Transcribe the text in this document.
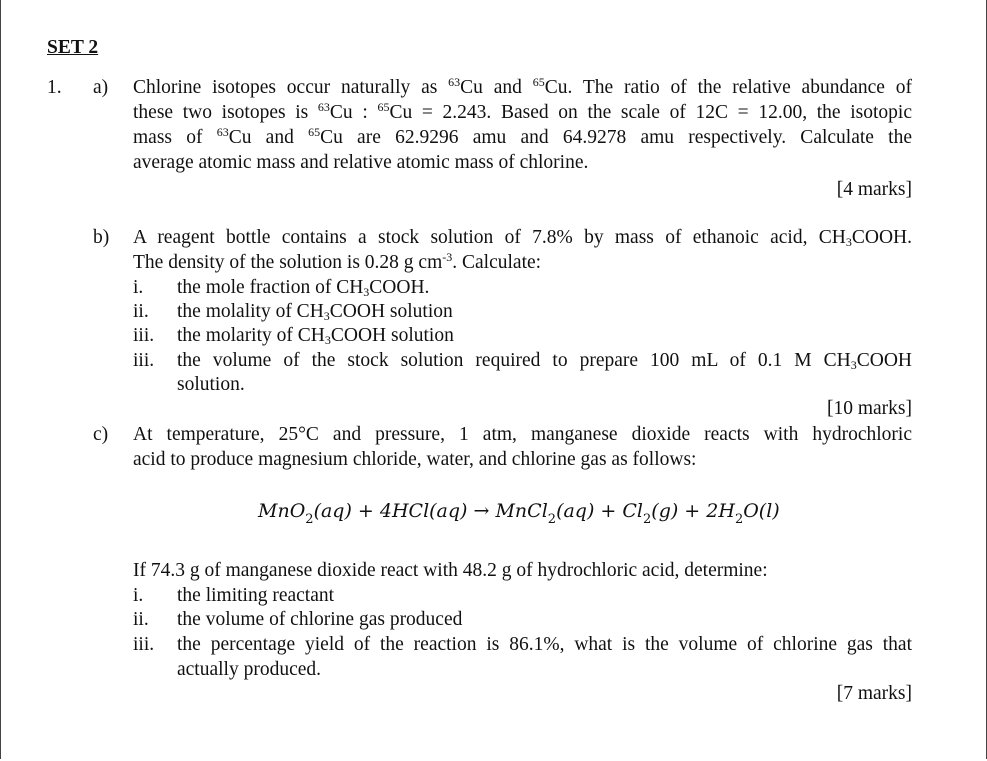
SET 2
1. a) Chlorine isotopes occur naturally as $^{63}$Cu and $^{65}$Cu. The ratio of the relative abundance of
these two isotopes is $^{63}$Cu : $^{65}$Cu = 2.243. Based on the scale of 12C = 12.00, the isotopic
mass of $^{63}$Cu and $^{65}$Cu are 62.9296 amu and 64.9278 amu respectively. Calculate the
average atomic mass and relative atomic mass of chlorine.
[4 marks]
b) A reagent bottle contains a stock solution of 7.8% by mass of ethanoic acid, $CH_3COOH$.
The density of the solution is 0.28 g $cm^{-3}$. Calculate:
i. the mole fraction of $CH_3COOH$.
ii. the molality of $CH_3COOH$ solution
iii. the molarity of $CH_3COOH$ solution
iii. the volume of the stock solution required to prepare 100 mL of 0.1 M $CH_3COOH$
solution.
[10 marks]
c) At temperature, 25°C and pressure, 1 atm, manganese dioxide reacts with hydrochloric
acid to produce magnesium chloride, water, and chlorine gas as follows:
If 74.3 g of manganese dioxide react with 48.2 g of hydrochloric acid, determine:
i. the limiting reactant
ii. the volume of chlorine gas produced
iii. the percentage yield of the reaction is 86.1%, what is the volume of chlorine gas that
actually produced.
MnO$_2$(aq) + 4HCl(aq) → MnCl$_2$(aq) + $Cl_2(g) + 2H_2O(l)$
[7 marks]
